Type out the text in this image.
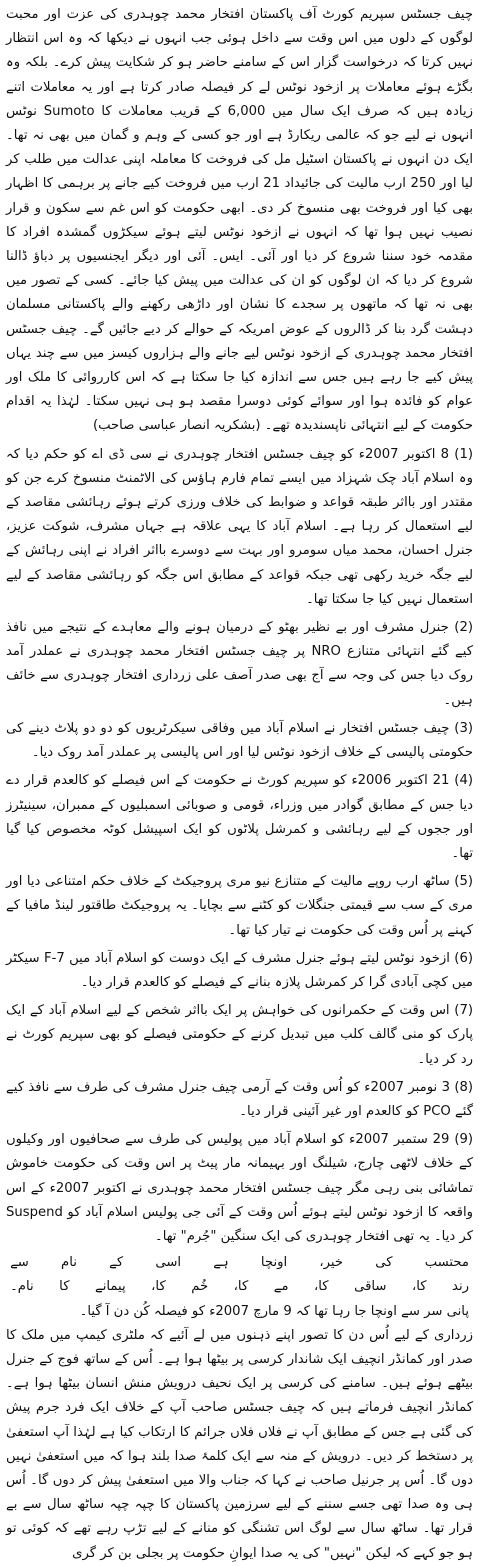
چیف جسٹس سپریم کورٹ آف پاکستان افتخار محمد چوہدری کی عزت اور محبت لوگوں کے دلوں میں اس وقت سے داخل ہوئی جب انہوں نے دیکھا کہ وہ اس انتظار نہیں کرتا کہ درخواست گزار اس کے سامنے حاضر ہو کر شکایت پیش کرے۔ بلکہ وہ بگڑے ہوئے معاملات پر ازخود نوٹس لے کر فیصلہ صادر کرتا ہے اور یہ معاملات اتنے زیادہ ہیں کہ صرف ایک سال میں 6,000 کے قریب معاملات کا Sumoto نوٹس انہوں نے لیے جو کہ عالمی ریکارڈ ہے اور جو کسی کے وہم و گمان میں بھی نہ تھا۔ ایک دن انہوں نے پاکستان اسٹیل مل کی فروخت کا معاملہ اپنی عدالت میں طلب کر لیا اور 250 ارب مالیت کی جائیداد 21 ارب میں فروخت کیے جانے پر برہمی کا اظہار بھی کیا اور فروخت بھی منسوخ کر دی۔ ابھی حکومت کو اس غم سے سکون و قرار نصیب نہیں ہوا تھا کہ انہوں نے ازخود نوٹس لیتے ہوئے سیکڑوں گمشدہ افراد کا مقدمہ خود سننا شروع کر دیا اور آئی۔ ایس۔ آئی اور دیگر ایجنسیوں پر دباؤ ڈالنا شروع کر دیا کہ ان لوگوں کو ان کی عدالت میں پیش کیا جائے۔ کسی کے تصور میں بھی نہ تھا کہ ماتھوں پر سجدے کا نشان اور داڑھی رکھنے والے پاکستانی مسلمان دہشت گرد بنا کر ڈالروں کے عوض امریکہ کے حوالے کر دیے جائیں گے۔ چیف جسٹس افتخار محمد چوہدری کے ازخود نوٹس لیے جانے والے ہزاروں کیسز میں سے چند یہاں پیش کیے جا رہے ہیں جس سے اندازہ کیا جا سکتا ہے کہ اس کارروائی کا ملک اور عوام کو فائدہ ہوا اور سوائے کوئی دوسرا مقصد ہو ہی نہیں سکتا۔ لہٰذا یہ اقدام حکومت کے لیے انتہائی ناپسندیدہ تھے۔ (بشکریہ انصار عباسی صاحب)

(1) 8 اکتوبر 2007ء کو چیف جسٹس افتخار چوہدری نے سی ڈی اے کو حکم دیا کہ وہ اسلام آباد چک شہزاد میں ایسے تمام فارم ہاؤس کی الاٹمنٹ منسوخ کرے جن کو مقتدر اور بااثر طبقہ قواعد و ضوابط کی خلاف ورزی کرتے ہوئے رہائشی مقاصد کے لیے استعمال کر رہا ہے۔ اسلام آباد کا یہی علاقہ ہے جہاں مشرف، شوکت عزیز، جنرل احسان، محمد میاں سومرو اور بہت سے دوسرے بااثر افراد نے اپنی رہائش کے لیے جگہ خرید رکھی تھی جبکہ قواعد کے مطابق اس جگہ کو رہائشی مقاصد کے لیے استعمال نہیں کیا جا سکتا تھا۔

(2) جنرل مشرف اور بے نظیر بھٹو کے درمیان ہونے والے معاہدے کے نتیجے میں نافذ کیے گئے انتہائی متنازع NRO پر چیف جسٹس افتخار محمد چوہدری نے عملدر آمد روک دیا جس کی وجہ سے آج بھی صدر آصف علی زرداری افتخار چوہدری سے خائف ہیں۔

(3) چیف جسٹس افتخار نے اسلام آباد میں وفاقی سیکرٹریوں کو دو دو پلاٹ دینے کی حکومتی پالیسی کے خلاف ازخود نوٹس لیا اور اس پالیسی پر عملدر آمد روک دیا۔

(4) 21 اکتوبر 2006ء کو سپریم کورٹ نے حکومت کے اس فیصلے کو کالعدم قرار دے دیا جس کے مطابق گوادر میں وزراء، قومی و صوبائی اسمبلیوں کے ممبران، سینیٹرز اور ججوں کے لیے رہائشی و کمرشل پلاٹوں کو ایک اسپیشل کوٹہ مخصوص کیا گیا تھا۔

(5) ساٹھ ارب روپے مالیت کے متنازع نیو مری پروجیکٹ کے خلاف حکم امتناعی دیا اور مری کے سب سے قیمتی جنگلات کو کٹنے سے بچایا۔ یہ پروجیکٹ طاقتور لینڈ مافیا کے کہنے پر اُس وقت کی حکومت نے تیار کیا تھا۔

(6) ازخود نوٹس لیتے ہوئے جنرل مشرف کے ایک دوست کو اسلام آباد میں F-7 سیکٹر میں کچی آبادی گرا کر کمرشل پلازہ بنانے کے فیصلے کو کالعدم قرار دیا۔

(7) اس وقت کے حکمرانوں کی خواہش پر ایک بااثر شخص کے لیے اسلام آباد کے ایک پارک کو منی گالف کلب میں تبدیل کرنے کے حکومتی فیصلے کو بھی سپریم کورٹ نے رد کر دیا۔

(8) 3 نومبر 2007ء کو اُس وقت کے آرمی چیف جنرل مشرف کی طرف سے نافذ کیے گئے PCO کو کالعدم اور غیر آئینی قرار دیا۔

(9) 29 ستمبر 2007ء کو اسلام آباد میں پولیس کی طرف سے صحافیوں اور وکیلوں کے خلاف لاٹھی چارج، شیلنگ اور بہیمانہ مار پیٹ پر اس وقت کی حکومت خاموش تماشائی بنی رہی مگر چیف جسٹس افتخار محمد چوہدری نے اکتوبر 2007ء کے اس واقعہ کا ازخود نوٹس لیتے ہوئے اُس وقت کے آئی جی پولیس اسلام آباد کو Suspend کر دیا۔ یہ تھی افتخار چوہدری کی ایک سنگین "جُرم" تھا۔

محتسب
کی
خیر،
اونچا
ہے
اسی
کے
نام
سے
رند
کا،
ساقی
کا،
مے
کا،
خُم
کا،
پیمانے
کا
نام۔

پانی سر سے اونچا جا رہا تھا کہ 9 مارچ 2007ء کو فیصلہ کُن دن آ گیا۔

زرداری کے لیے اُس دن کا تصور اپنے ذہنوں میں لے آئیے کہ ملٹری کیمپ میں ملک کا صدر اور کمانڈر انچیف ایک شاندار کرسی پر بیٹھا ہوا ہے۔ اُس کے ساتھ فوج کے جنرل بیٹھے ہوئے ہیں۔ سامنے کی کرسی پر ایک نحیف درویش منش انسان بیٹھا ہوا ہے۔ کمانڈر انچیف فرماتے ہیں کہ چیف جسٹس صاحب آپ کے خلاف ایک فرد جرم پیش کی گئی ہے جس کے مطابق آپ نے فلاں فلاں جرائم کا ارتکاب کیا ہے لہٰذا آپ استعفیٰ پر دستخط کر دیں۔ درویش کے منہ سے ایک کلمۂ صدا بلند ہوا کہ میں استعفیٰ نہیں دوں گا۔ اُس پر جرنیل صاحب نے کہا کہ جناب والا میں استعفیٰ پیش کر دوں گا۔ اُس ہی وہ صدا تھی جسے سننے کے لیے سرزمین پاکستان کا چپہ چپہ ساٹھ سال سے بے قرار تھا۔ ساٹھ سال سے لوگ اس تشنگی کو منانے کے لیے تڑپ رہے تھے کہ کوئی تو ہو جو کہے کہ لیکن "نہیں" کی یہ صدا ایوانِ حکومت پر بجلی بن کر گری
